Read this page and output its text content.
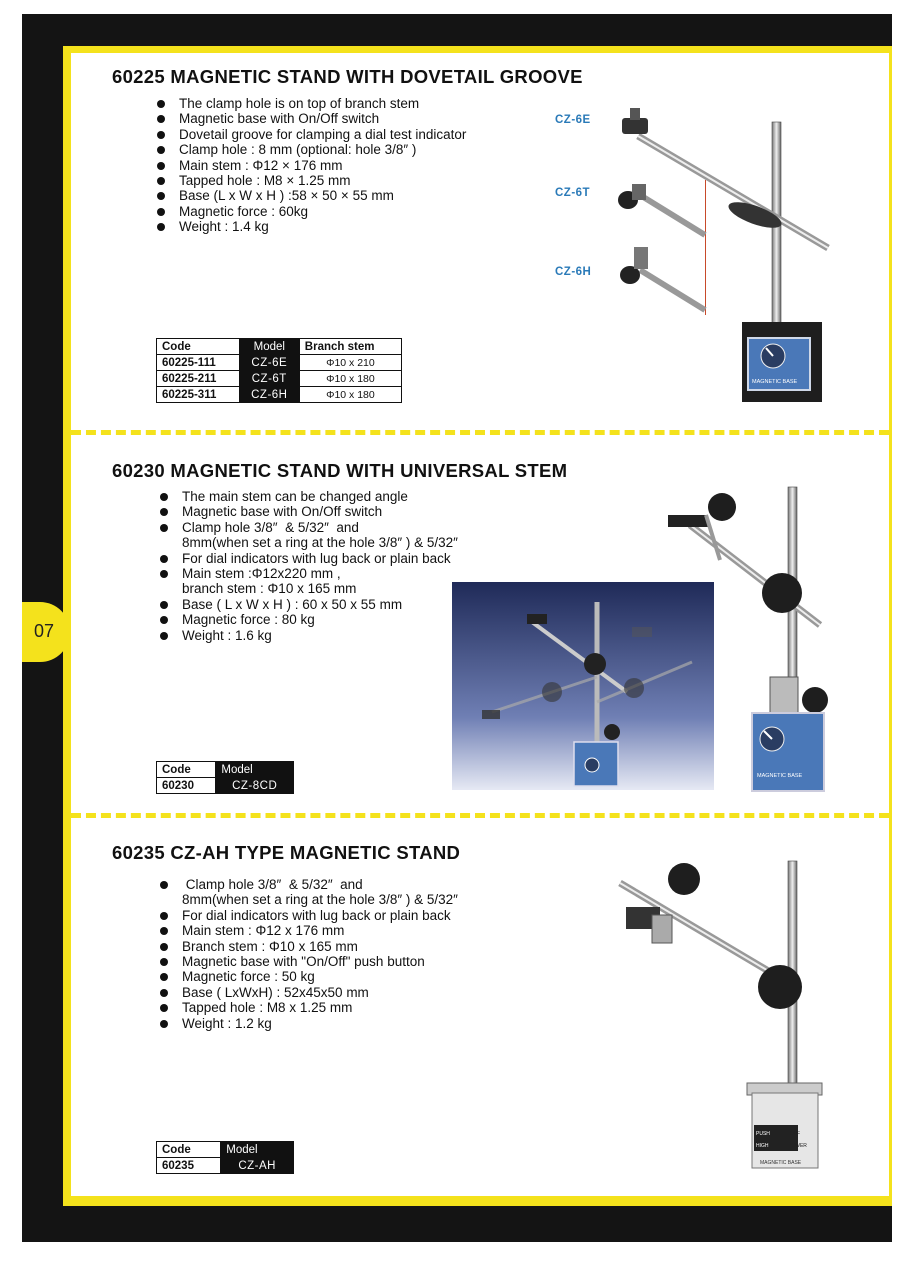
07
60225 MAGNETIC STAND WITH DOVETAIL GROOVE
The clamp hole is on top of branch stem
Magnetic base with On/Off switch
Dovetail groove for clamping a dial test indicator
Clamp hole : 8 mm (optional: hole 3/8″ )
Main stem : Φ12 × 176 mm
Tapped hole : M8 × 1.25 mm
Base (L x W x H ) :58 × 50 × 55 mm
Magnetic force : 60kg
Weight : 1.4 kg
CZ-6E
CZ-6T
CZ-6H
MAGNETIC BASE
Code	Model	Branch stem
60225-111	CZ-6E	Φ10 x 210
60225-211	CZ-6T	Φ10 x 180
60225-311	CZ-6H	Φ10 x 180
60230 MAGNETIC STAND WITH UNIVERSAL STEM
The main stem can be changed angle
Magnetic base with On/Off switch
Clamp hole 3/8″  & 5/32″  and
8mm(when set a ring at the hole 3/8″ ) & 5/32″
For dial indicators with lug back or plain back
Main stem :Φ12x220 mm ,
branch stem : Φ10 x 165 mm
Base ( L x W x H ) : 60 x 50 x 55 mm
Magnetic force : 80 kg
Weight : 1.6 kg
MAGNETIC BASE
Code	Model
60230	CZ-8CD
60235 CZ-AH TYPE MAGNETIC STAND
Clamp hole 3/8″  & 5/32″  and
8mm(when set a ring at the hole 3/8″ ) & 5/32″
For dial indicators with lug back or plain back
Main stem : Φ12 x 176 mm
Branch stem : Φ10 x 165 mm
Magnetic base with "On/Off" push button
Magnetic force : 50 kg
Base ( LxWxH) : 52x45x50 mm
Tapped hole : M8 x 1.25 mm
Weight : 1.2 kg
PUSH	OFF
HIGH	POWER
MAGNETIC BASE
Code	Model
60235	CZ-AH
